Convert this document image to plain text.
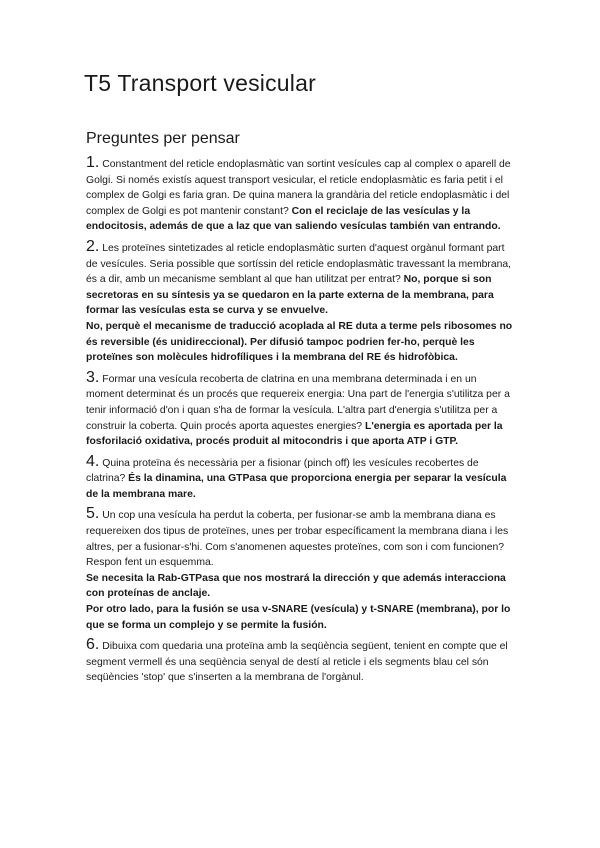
T5 Transport vesicular
Preguntes per pensar

1. Constantment del reticle endoplasmàtic van sortint vesícules cap al complex o aparell de Golgi. Si només existís aquest transport vesicular, el reticle endoplasmàtic es faria petit i el complex de Golgi es faria gran. De quina manera la grandària del reticle endoplasmàtic i del complex de Golgi es pot mantenir constant? Con el reciclaje de las vesículas y la endocitosis, además de que a laz que van saliendo vesículas también van entrando.

2. Les proteïnes sintetizades al reticle endoplasmàtic surten d'aquest orgànul formant part de vesícules. Seria possible que sortíssin del reticle endoplasmàtic travessant la membrana, és a dir, amb un mecanisme semblant al que han utilitzat per entrat? No, porque si son secretoras en su síntesis ya se quedaron en la parte externa de la membrana, para formar las vesículas esta se curva y se envuelve.
No, perquè el mecanisme de traducció acoplada al RE duta a terme pels ribosomes no és reversible (és unidireccional). Per difusió tampoc podrien fer-ho, perquè les proteïnes son molècules hidrofíliques i la membrana del RE és hidrofòbica.

3. Formar una vesícula recoberta de clatrina en una membrana determinada i en un moment determinat és un procés que requereix energia: Una part de l'energia s'utilitza per a tenir informació d'on i quan s'ha de formar la vesícula. L'altra part d'energia s'utilitza per a construir la coberta. Quin procés aporta aquestes energies? L'energia es aportada per la fosforilació oxidativa, procés produit al mitocondris i que aporta ATP i GTP.

4. Quina proteïna és necessària per a fisionar (pinch off) les vesícules recobertes de clatrina? És la dinamina, una GTPasa que proporciona energia per separar la vesícula de la membrana mare.

5. Un cop una vesícula ha perdut la coberta, per fusionar-se amb la membrana diana es requereixen dos tipus de proteïnes, unes per trobar específicament la membrana diana i les altres, per a fusionar-s'hi. Com s'anomenen aquestes proteïnes, com son i com funcionen? Respon fent un esquemma.
Se necesita la Rab-GTPasa que nos mostrará la dirección y que además interacciona con proteínas de anclaje.
Por otro lado, para la fusión se usa v-SNARE (vesícula) y t-SNARE (membrana), por lo que se forma un complejo y se permite la fusión.

6. Dibuixa com quedaria una proteïna amb la seqüència següent, tenient en compte que el segment vermell és una seqüència senyal de destí al reticle i els segments blau cel són seqüències 'stop' que s'inserten a la membrana de l'orgànul.
